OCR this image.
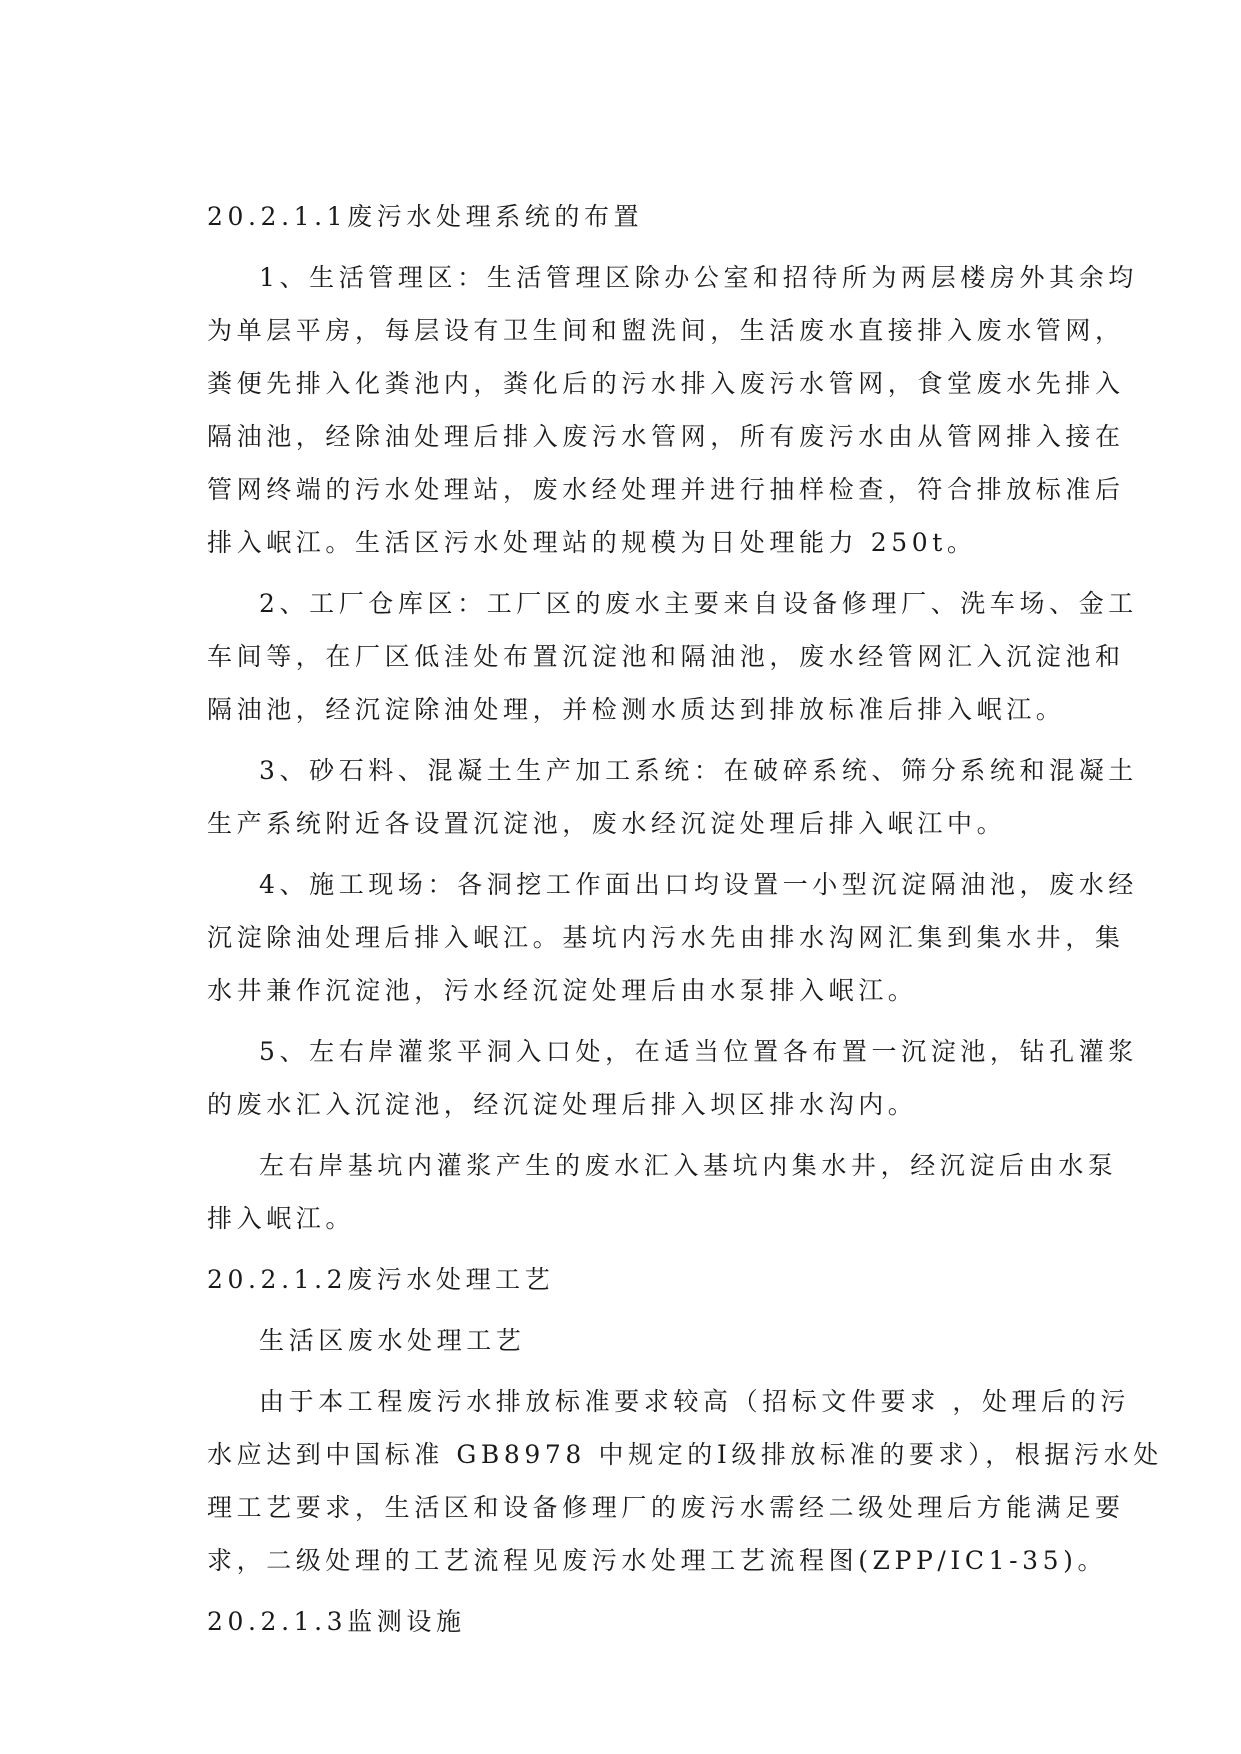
20.2.1.1废污水处理系统的布置

1、生活管理区：生活管理区除办公室和招待所为两层楼房外其余均

为单层平房，每层设有卫生间和盥洗间，生活废水直接排入废水管网，

粪便先排入化粪池内，粪化后的污水排入废污水管网，食堂废水先排入

隔油池，经除油处理后排入废污水管网，所有废污水由从管网排入接在

管网终端的污水处理站，废水经处理并进行抽样检查，符合排放标准后

排入岷江。生活区污水处理站的规模为日处理能力 250t。

2、工厂仓库区：工厂区的废水主要来自设备修理厂、洗车场、金工

车间等，在厂区低洼处布置沉淀池和隔油池，废水经管网汇入沉淀池和

隔油池，经沉淀除油处理，并检测水质达到排放标准后排入岷江。

3、砂石料、混凝土生产加工系统：在破碎系统、筛分系统和混凝土

生产系统附近各设置沉淀池，废水经沉淀处理后排入岷江中。

4、施工现场：各洞挖工作面出口均设置一小型沉淀隔油池，废水经

沉淀除油处理后排入岷江。基坑内污水先由排水沟网汇集到集水井，集

水井兼作沉淀池，污水经沉淀处理后由水泵排入岷江。

5、左右岸灌浆平洞入口处，在适当位置各布置一沉淀池，钻孔灌浆

的废水汇入沉淀池，经沉淀处理后排入坝区排水沟内。

左右岸基坑内灌浆产生的废水汇入基坑内集水井，经沉淀后由水泵

排入岷江。

20.2.1.2废污水处理工艺

生活区废水处理工艺

由于本工程废污水排放标准要求较高（招标文件要求 ，处理后的污

水应达到中国标准 GB8978 中规定的Ⅰ级排放标准的要求），根据污水处

理工艺要求，生活区和设备修理厂的废污水需经二级处理后方能满足要

求，二级处理的工艺流程见废污水处理工艺流程图(ZPP/IC1-35)。

20.2.1.3监测设施
